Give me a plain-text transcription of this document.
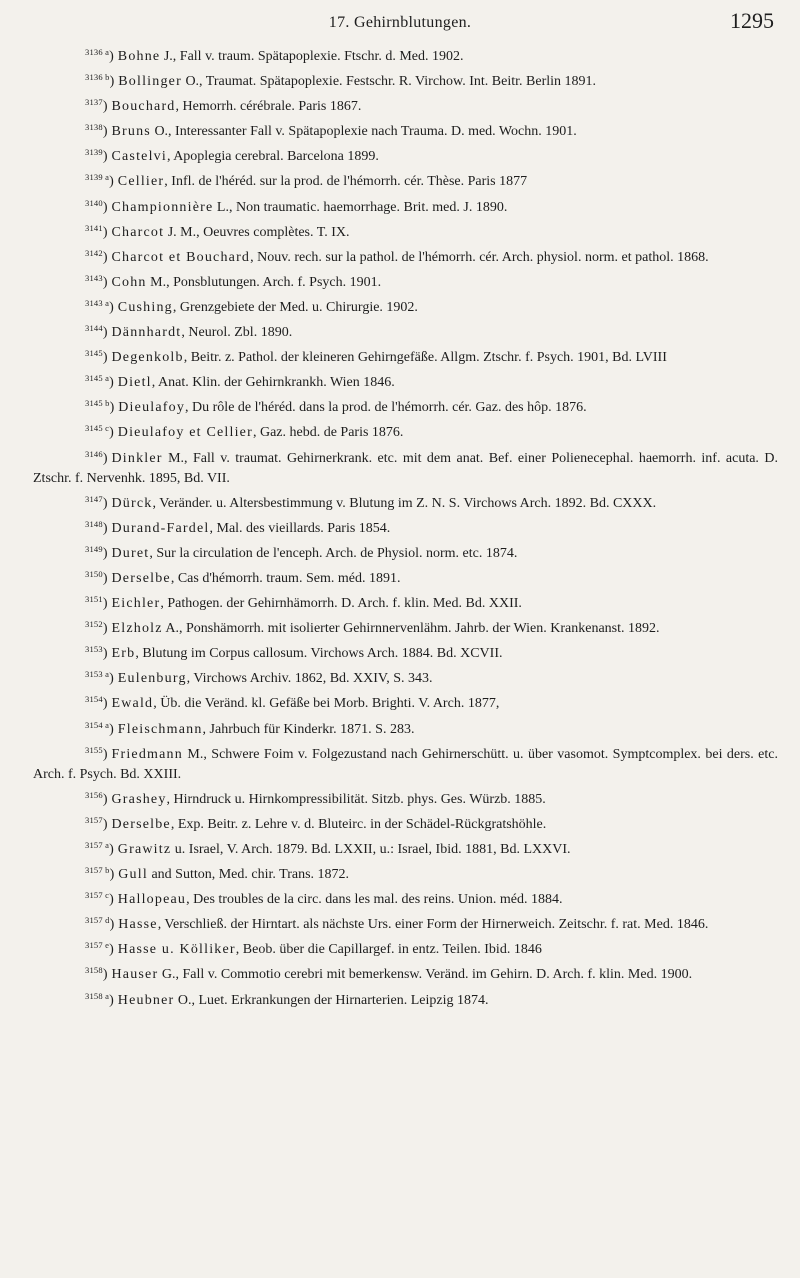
17. Gehirnblutungen.	1295

$^{3136 a}$) Bohne J., Fall v. traum. Spätapoplexie. Ftschr. d. Med. 1902.

$^{3136 b}$) Bollinger O., Traumat. Spätapoplexie. Festschr. R. Virchow. Int. Beitr. Berlin 1891.

$^{3137}$) Bouchard, Hemorrh. cérébrale. Paris 1867.

$^{3138}$) Bruns O., Interessanter Fall v. Spätapoplexie nach Trauma. D. med. Wochn. 1901.

$^{3139}$) Castelvi, Apoplegia cerebral. Barcelona 1899.

$^{3139 a}$) Cellier, Infl. de l'héréd. sur la prod. de l'hémorrh. cér. Thèse. Paris 1877

$^{3140}$) Championnière L., Non traumatic. haemorrhage. Brit. med. J. 1890.

$^{3141}$) Charcot J. M., Oeuvres complètes. T. IX.

$^{3142}$) Charcot et Bouchard, Nouv. rech. sur la pathol. de l'hémorrh. cér. Arch. physiol. norm. et pathol. 1868.

$^{3143}$) Cohn M., Ponsblutungen. Arch. f. Psych. 1901.

$^{3143 a}$) Cushing, Grenzgebiete der Med. u. Chirurgie. 1902.

$^{3144}$) Dännhardt, Neurol. Zbl. 1890.

$^{3145}$) Degenkolb, Beitr. z. Pathol. der kleineren Gehirngefäße. Allgm. Ztschr. f. Psych. 1901, Bd. LVIII

$^{3145 a}$) Dietl, Anat. Klin. der Gehirnkrankh. Wien 1846.

$^{3145 b}$) Dieulafoy, Du rôle de l'héréd. dans la prod. de l'hémorrh. cér. Gaz. des hôp. 1876.

$^{3145 c}$) Dieulafoy et Cellier, Gaz. hebd. de Paris 1876.

$^{3146}$) Dinkler M., Fall v. traumat. Gehirnerkrank. etc. mit dem anat. Bef. einer Polienecephal. haemorrh. inf. acuta. D. Ztschr. f. Nervenhk. 1895, Bd. VII.

$^{3147}$) Dürck, Veränder. u. Altersbestimmung v. Blutung im Z. N. S. Virchows Arch. 1892. Bd. CXXX.

$^{3148}$) Durand-Fardel, Mal. des vieillards. Paris 1854.

$^{3149}$) Duret, Sur la circulation de l'enceph. Arch. de Physiol. norm. etc. 1874.

$^{3150}$) Derselbe, Cas d'hémorrh. traum. Sem. méd. 1891.

$^{3151}$) Eichler, Pathogen. der Gehirnhämorrh. D. Arch. f. klin. Med. Bd. XXII.

$^{3152}$) Elzholz A., Ponshämorrh. mit isolierter Gehirnnervenlähm. Jahrb. der Wien. Krankenanst. 1892.

$^{3153}$) Erb, Blutung im Corpus callosum. Virchows Arch. 1884. Bd. XCVII.

$^{3153 a}$) Eulenburg, Virchows Archiv. 1862, Bd. XXIV, S. 343.

$^{3154}$) Ewald, Üb. die Veränd. kl. Gefäße bei Morb. Brighti. V. Arch. 1877,

$^{3154 a}$) Fleischmann, Jahrbuch für Kinderkr. 1871. S. 283.

$^{3155}$) Friedmann M., Schwere Foim v. Folgezustand nach Gehirnerschütt. u. über vasomot. Symptcomplex. bei ders. etc. Arch. f. Psych. Bd. XXIII.

$^{3156}$) Grashey, Hirndruck u. Hirnkompressibilität. Sitzb. phys. Ges. Würzb. 1885.

$^{3157}$) Derselbe, Exp. Beitr. z. Lehre v. d. Bluteirc. in der Schädel-Rückgratshöhle.

$^{3157 a}$) Grawitz u. Israel, V. Arch. 1879. Bd. LXXII, u.: Israel, Ibid. 1881, Bd. LXXVI.

$^{3157 b}$) Gull and Sutton, Med. chir. Trans. 1872.

$^{3157 c}$) Hallopeau, Des troubles de la circ. dans les mal. des reins. Union. méd. 1884.

$^{3157 d}$) Hasse, Verschließ. der Hirntart. als nächste Urs. einer Form der Hirnerweich. Zeitschr. f. rat. Med. 1846.

$^{3157 e}$) Hasse u. Kölliker, Beob. über die Capillargef. in entz. Teilen. Ibid. 1846

$^{3158}$) Hauser G., Fall v. Commotio cerebri mit bemerkensw. Veränd. im Gehirn. D. Arch. f. klin. Med. 1900.

$^{3158 a}$) Heubner O., Luet. Erkrankungen der Hirnarterien. Leipzig 1874.
